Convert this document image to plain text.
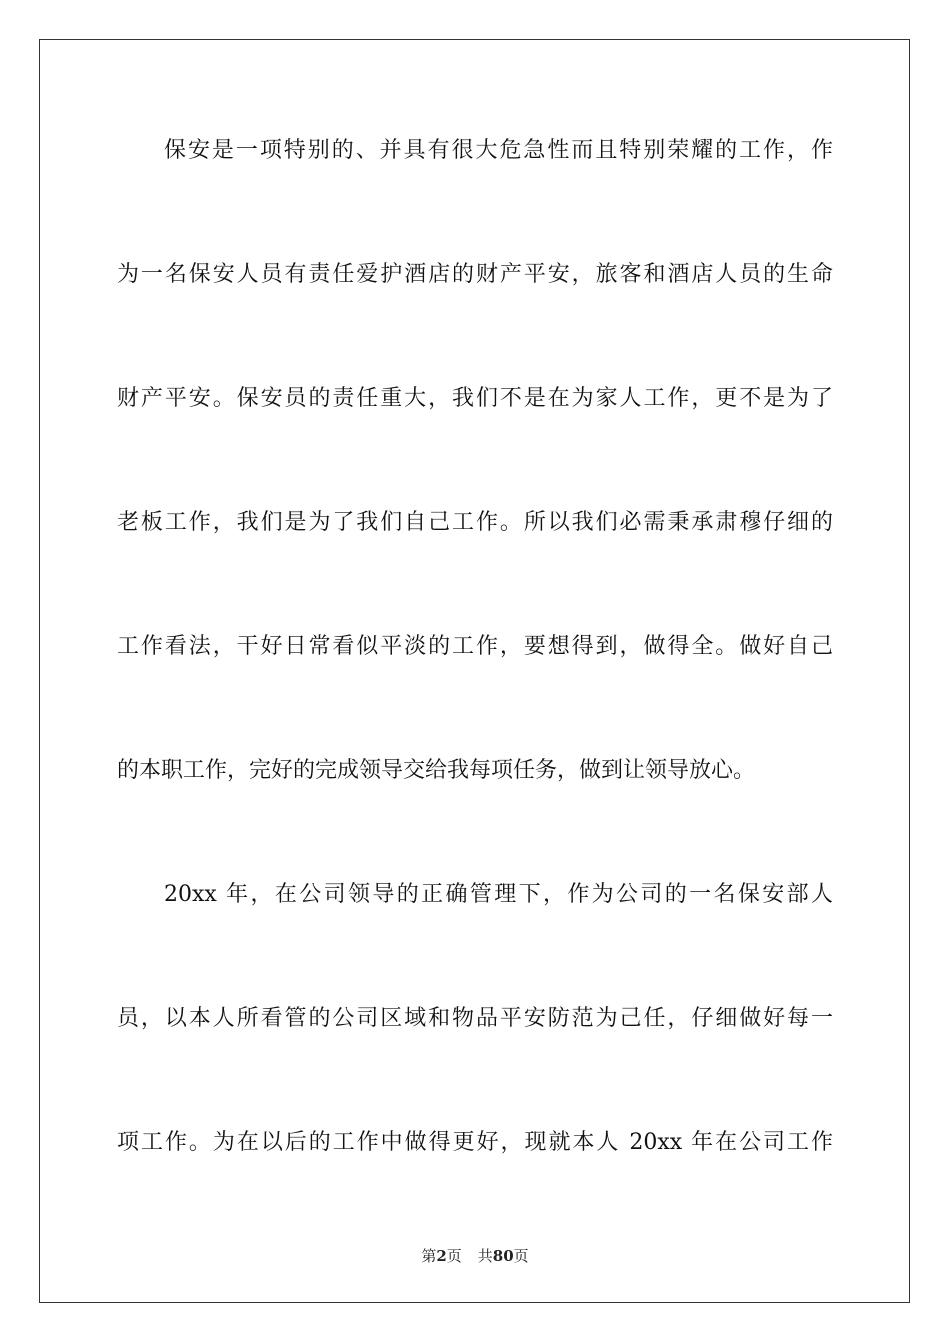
保安是一项特别的、并具有很大危急性而且特别荣耀的工作，作
为一名保安人员有责任爱护酒店的财产平安，旅客和酒店人员的生命
财产平安。保安员的责任重大，我们不是在为家人工作，更不是为了
老板工作，我们是为了我们自己工作。所以我们必需秉承肃穆仔细的
工作看法，干好日常看似平淡的工作，要想得到，做得全。做好自己
的本职工作，完好的完成领导交给我每项任务，做到让领导放心。
20xx 年，在公司领导的正确管理下，作为公司的一名保安部人
员，以本人所看管的公司区域和物品平安防范为己任，仔细做好每一
项工作。为在以后的工作中做得更好，现就本人 20xx 年在公司工作
第2页 共80页
